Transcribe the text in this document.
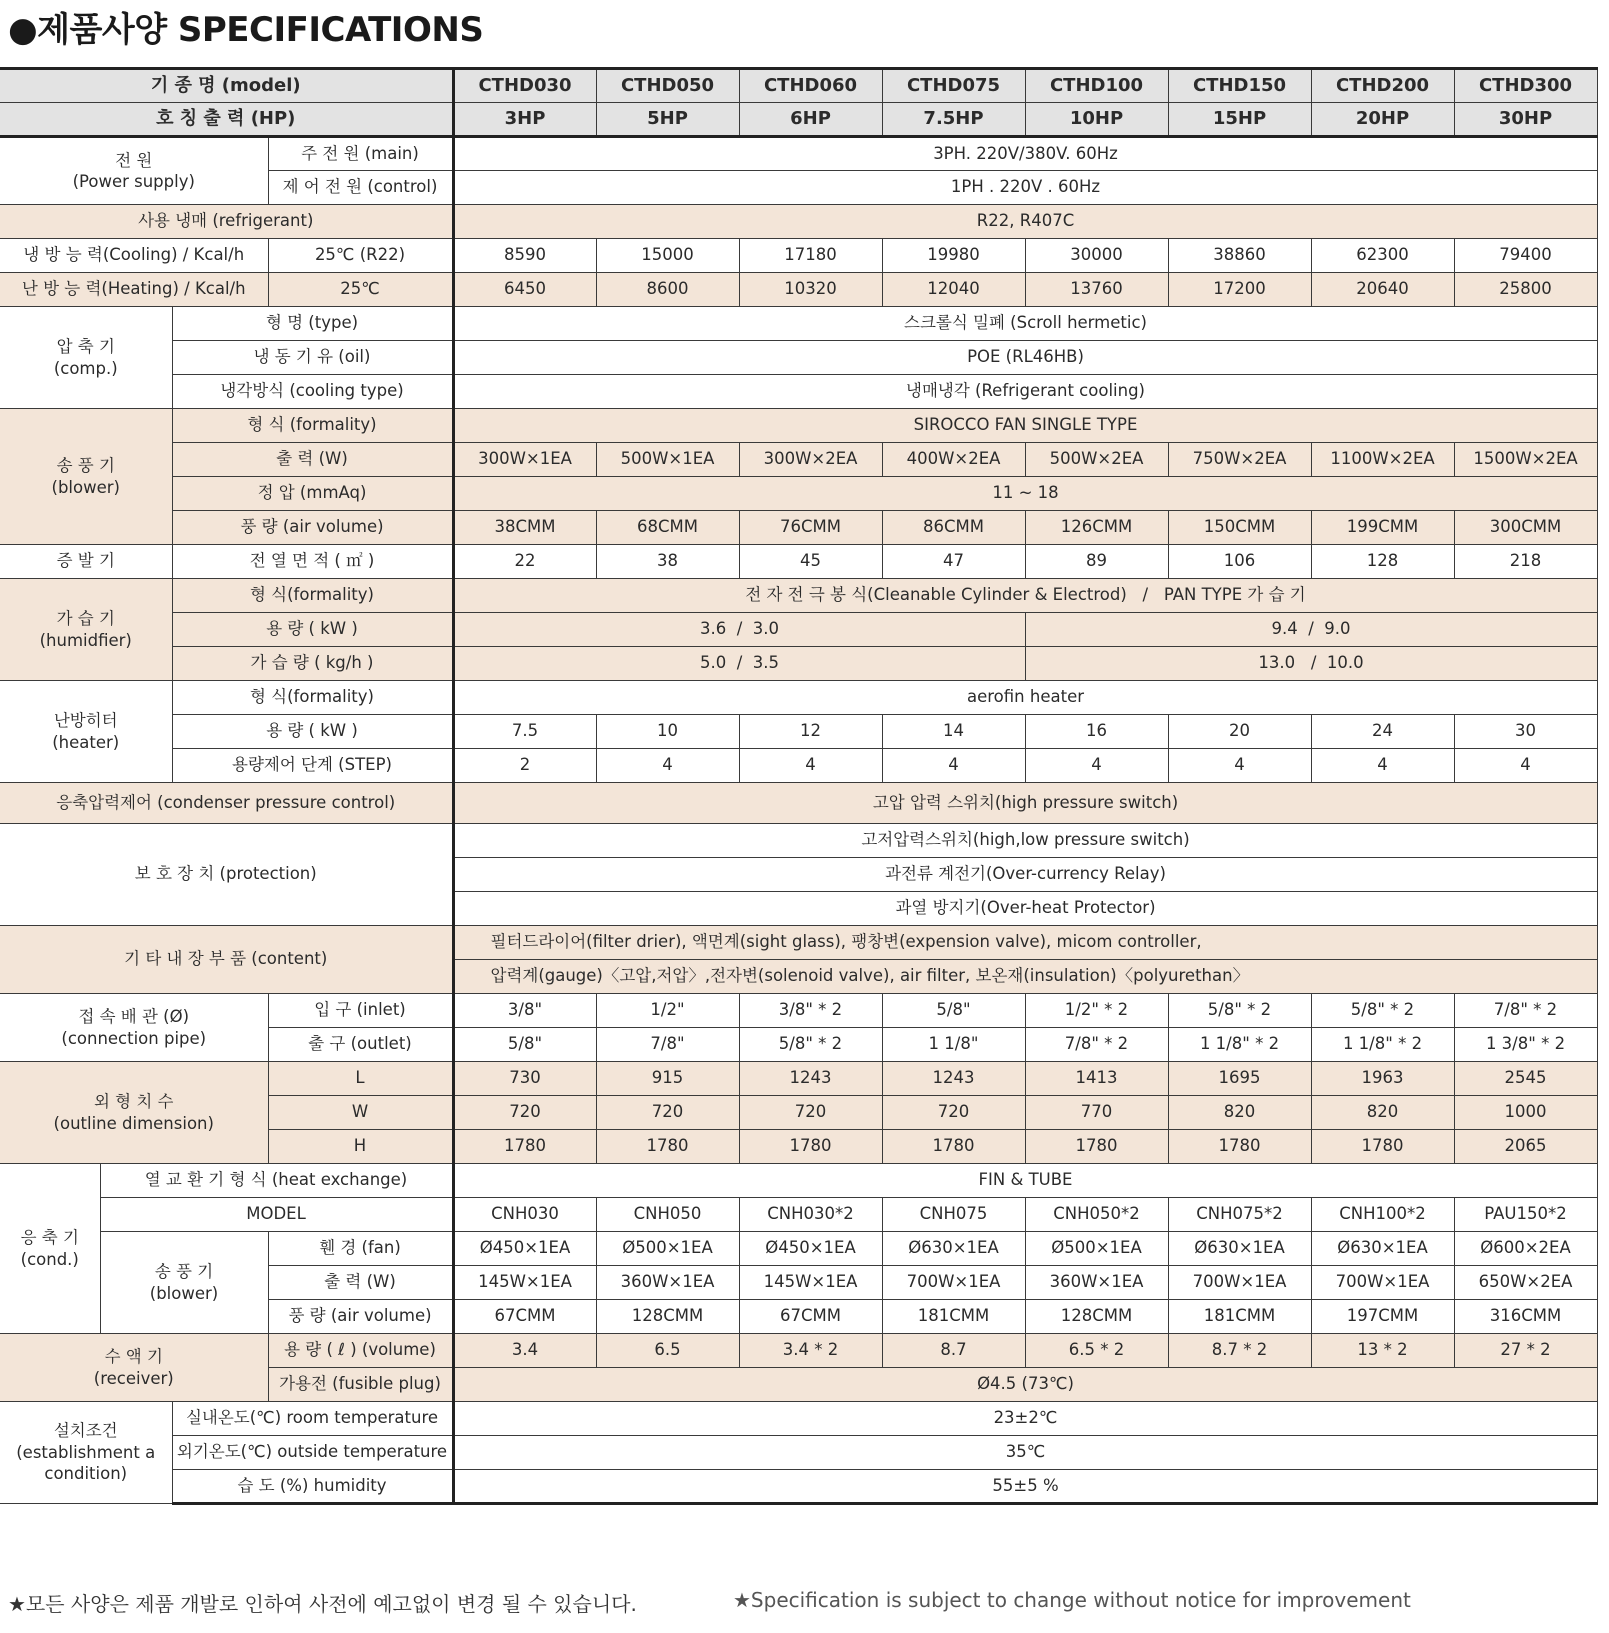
●제품사양 SPECIFICATIONS
기 종 명 (model)				CTHD030	CTHD050	CTHD060	CTHD075	CTHD100	CTHD150	CTHD200	CTHD300
호 칭 출 력 (HP)				3HP	5HP	6HP	7.5HP	10HP	15HP	20HP	30HP
전 원
(Power supply)			주 전 원 (main)	3PH. 220V/380V. 60Hz							
			제 어 전 원 (control)	1PH . 220V . 60Hz							
사용 냉매 (refrigerant)				R22, R407C							
냉 방 능 력(Cooling) / Kcal/h			25℃ (R22)	8590	15000	17180	19980	30000	38860	62300	79400
난 방 능 력(Heating) / Kcal/h			25℃	6450	8600	10320	12040	13760	17200	20640	25800
압 축 기
(comp.)		형 명 (type)		스크롤식 밀폐 (Scroll hermetic)							
		냉 동 기 유 (oil)		POE (RL46HB)							
		냉각방식 (cooling type)		냉매냉각 (Refrigerant cooling)							
송 풍 기
(blower)		형 식 (formality)		SIROCCO FAN SINGLE TYPE							
		출 력 (W)		300W×1EA	500W×1EA	300W×2EA	400W×2EA	500W×2EA	750W×2EA	1100W×2EA	1500W×2EA
		정 압 (mmAq)		11 ~ 18							
		풍 량 (air volume)		38CMM	68CMM	76CMM	86CMM	126CMM	150CMM	199CMM	300CMM
증 발 기		전 열 면 적 ( ㎡ )		22	38	45	47	89	106	128	218
가 습 기
(humidfier)		형 식(formality)		전 자 전 극 봉 식(Cleanable Cylinder & Electrod)   /   PAN TYPE 가 습 기							
		용 량 ( kW )		3.6  /  3.0				9.4  /  9.0			
		가 습 량 ( kg/h )		5.0  /  3.5				13.0   /  10.0			
난방히터
(heater)		형 식(formality)		aerofin heater							
		용 량 ( kW )		7.5	10	12	14	16	20	24	30
		용량제어 단계 (STEP)		2	4	4	4	4	4	4	4
응축압력제어 (condenser pressure control)				고압 압력 스위치(high pressure switch)							
보 호 장 치 (protection)				고저압력스위치(high,low pressure switch)							
				과전류 계전기(Over-currency Relay)							
				과열 방지기(Over-heat Protector)							
기 타 내 장 부 품 (content)				필터드라이어(filter drier), 액면계(sight glass), 팽창변(expension valve), micom controller,							
				압력계(gauge)〈고압,저압〉,전자변(solenoid valve), air filter, 보온재(insulation)〈polyurethan〉							
접 속 배 관 (Ø)
(connection pipe)			입 구 (inlet)	3/8"	1/2"	3/8" * 2	5/8"	1/2" * 2	5/8" * 2	5/8" * 2	7/8" * 2
			출 구 (outlet)	5/8"	7/8"	5/8" * 2	1 1/8"	7/8" * 2	1 1/8" * 2	1 1/8" * 2	1 3/8" * 2
외 형 치 수
(outline dimension)			L	730	915	1243	1243	1413	1695	1963	2545
			W	720	720	720	720	770	820	820	1000
			H	1780	1780	1780	1780	1780	1780	1780	2065
응 축 기
(cond.)	열 교 환 기 형 식 (heat exchange)			FIN & TUBE							
	MODEL			CNH030	CNH050	CNH030*2	CNH075	CNH050*2	CNH075*2	CNH100*2	PAU150*2
	송 풍 기
(blower)		휀 경 (fan)	Ø450×1EA	Ø500×1EA	Ø450×1EA	Ø630×1EA	Ø500×1EA	Ø630×1EA	Ø630×1EA	Ø600×2EA
			출 력 (W)	145W×1EA	360W×1EA	145W×1EA	700W×1EA	360W×1EA	700W×1EA	700W×1EA	650W×2EA
			풍 량 (air volume)	67CMM	128CMM	67CMM	181CMM	128CMM	181CMM	197CMM	316CMM
수 액 기
(receiver)			용 량 ( ℓ ) (volume)	3.4	6.5	3.4 * 2	8.7	6.5 * 2	8.7 * 2	13 * 2	27 * 2
			가용전 (fusible plug)	Ø4.5 (73℃)							
설치조건
(establishment a
condition)		실내온도(℃) room temperature		23±2℃							
		외기온도(℃) outside temperature		35℃							
		습 도 (%) humidity		55±5 %							
★모든 사양은 제품 개발로 인하여 사전에 예고없이 변경 될 수 있습니다.	★Specification is subject to change without notice for improvement
